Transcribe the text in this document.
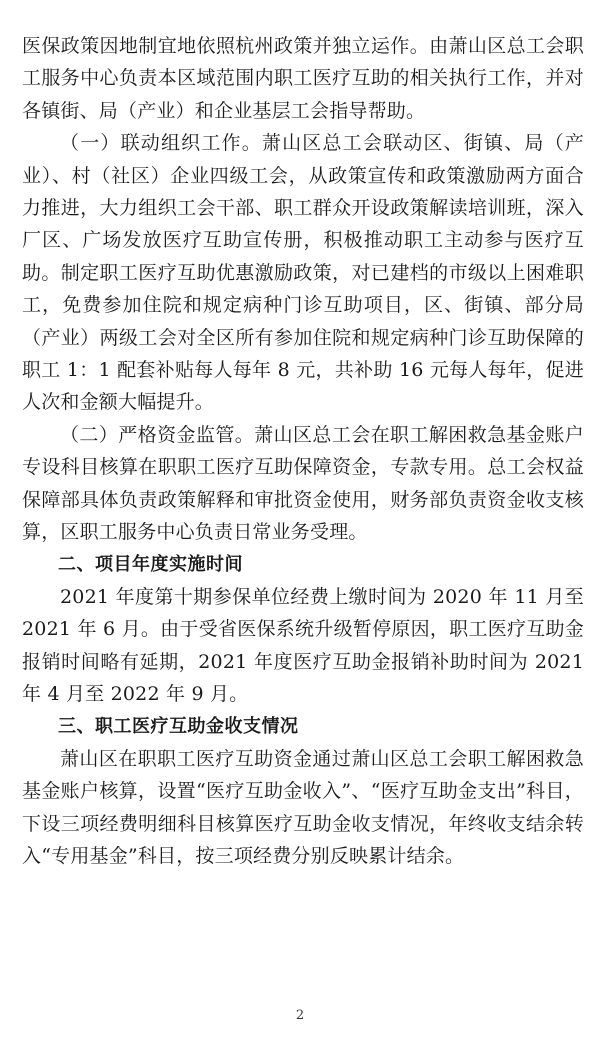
医保政策因地制宜地依照杭州政策并独立运作。由萧山区总工会职工服务中心负责本区域范围内职工医疗互助的相关执行工作，并对各镇街、局（产业）和企业基层工会指导帮助。

（一）联动组织工作。萧山区总工会联动区、街镇、局（产业）、村（社区）企业四级工会，从政策宣传和政策激励两方面合力推进，大力组织工会干部、职工群众开设政策解读培训班，深入厂区、广场发放医疗互助宣传册，积极推动职工主动参与医疗互助。制定职工医疗互助优惠激励政策，对已建档的市级以上困难职工，免费参加住院和规定病种门诊互助项目，区、街镇、部分局（产业）两级工会对全区所有参加住院和规定病种门诊互助保障的职工 1：1 配套补贴每人每年 8 元，共补助 16 元每人每年，促进人次和金额大幅提升。

（二）严格资金监管。萧山区总工会在职工解困救急基金账户专设科目核算在职职工医疗互助保障资金，专款专用。总工会权益保障部具体负责政策解释和审批资金使用，财务部负责资金收支核算，区职工服务中心负责日常业务受理。

二、项目年度实施时间

2021 年度第十期参保单位经费上缴时间为 2020 年 11 月至 2021 年 6 月。由于受省医保系统升级暂停原因，职工医疗互助金报销时间略有延期，2021 年度医疗互助金报销补助时间为 2021 年 4 月至 2022 年 9 月。

三、职工医疗互助金收支情况

萧山区在职职工医疗互助资金通过萧山区总工会职工解困救急基金账户核算，设置“医疗互助金收入”、“医疗互助金支出”科目，下设三项经费明细科目核算医疗互助金收支情况，年终收支结余转入“专用基金”科目，按三项经费分别反映累计结余。

2
